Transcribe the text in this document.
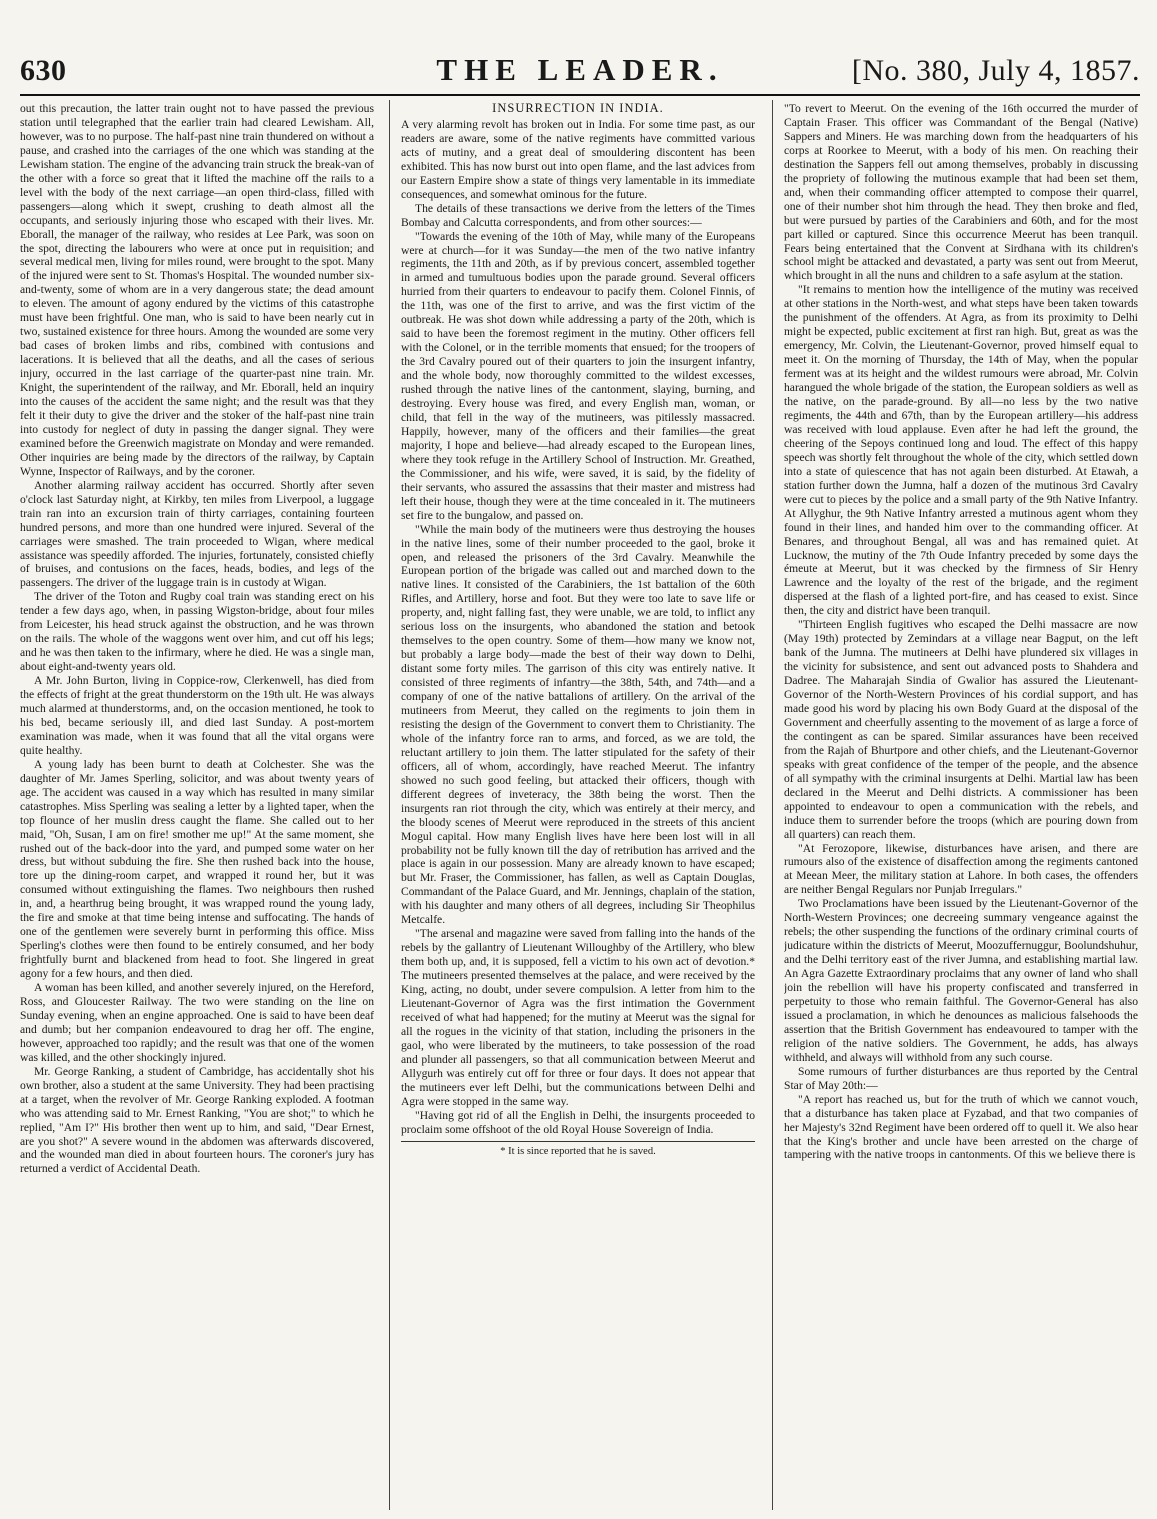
630	THE LEADER.	[No. 380, July 4, 1857.

out this precaution, the latter train ought not to have passed the previous station until telegraphed that the earlier train had cleared Lewisham. All, however, was to no purpose. The half-past nine train thundered on without a pause, and crashed into the carriages of the one which was standing at the Lewisham station. The engine of the advancing train struck the break-van of the other with a force so great that it lifted the machine off the rails to a level with the body of the next carriage—an open third-class, filled with passengers—along which it swept, crushing to death almost all the occupants, and seriously injuring those who escaped with their lives. Mr. Eborall, the manager of the railway, who resides at Lee Park, was soon on the spot, directing the labourers who were at once put in requisition; and several medical men, living for miles round, were brought to the spot. Many of the injured were sent to St. Thomas's Hospital. The wounded number six-and-twenty, some of whom are in a very dangerous state; the dead amount to eleven. The amount of agony endured by the victims of this catastrophe must have been frightful. One man, who is said to have been nearly cut in two, sustained existence for three hours. Among the wounded are some very bad cases of broken limbs and ribs, combined with contusions and lacerations. It is believed that all the deaths, and all the cases of serious injury, occurred in the last carriage of the quarter-past nine train. Mr. Knight, the superintendent of the railway, and Mr. Eborall, held an inquiry into the causes of the accident the same night; and the result was that they felt it their duty to give the driver and the stoker of the half-past nine train into custody for neglect of duty in passing the danger signal. They were examined before the Greenwich magistrate on Monday and were remanded. Other inquiries are being made by the directors of the railway, by Captain Wynne, Inspector of Railways, and by the coroner.

Another alarming railway accident has occurred. Shortly after seven o'clock last Saturday night, at Kirkby, ten miles from Liverpool, a luggage train ran into an excursion train of thirty carriages, containing fourteen hundred persons, and more than one hundred were injured. Several of the carriages were smashed. The train proceeded to Wigan, where medical assistance was speedily afforded. The injuries, fortunately, consisted chiefly of bruises, and contusions on the faces, heads, bodies, and legs of the passengers. The driver of the luggage train is in custody at Wigan.

The driver of the Toton and Rugby coal train was standing erect on his tender a few days ago, when, in passing Wigston-bridge, about four miles from Leicester, his head struck against the obstruction, and he was thrown on the rails. The whole of the waggons went over him, and cut off his legs; and he was then taken to the infirmary, where he died. He was a single man, about eight-and-twenty years old.

A Mr. John Burton, living in Coppice-row, Clerkenwell, has died from the effects of fright at the great thunderstorm on the 19th ult. He was always much alarmed at thunderstorms, and, on the occasion mentioned, he took to his bed, became seriously ill, and died last Sunday. A post-mortem examination was made, when it was found that all the vital organs were quite healthy.

A young lady has been burnt to death at Colchester. She was the daughter of Mr. James Sperling, solicitor, and was about twenty years of age. The accident was caused in a way which has resulted in many similar catastrophes. Miss Sperling was sealing a letter by a lighted taper, when the top flounce of her muslin dress caught the flame. She called out to her maid, "Oh, Susan, I am on fire! smother me up!" At the same moment, she rushed out of the back-door into the yard, and pumped some water on her dress, but without subduing the fire. She then rushed back into the house, tore up the dining-room carpet, and wrapped it round her, but it was consumed without extinguishing the flames. Two neighbours then rushed in, and, a hearthrug being brought, it was wrapped round the young lady, the fire and smoke at that time being intense and suffocating. The hands of one of the gentlemen were severely burnt in performing this office. Miss Sperling's clothes were then found to be entirely consumed, and her body frightfully burnt and blackened from head to foot. She lingered in great agony for a few hours, and then died.

A woman has been killed, and another severely injured, on the Hereford, Ross, and Gloucester Railway. The two were standing on the line on Sunday evening, when an engine approached. One is said to have been deaf and dumb; but her companion endeavoured to drag her off. The engine, however, approached too rapidly; and the result was that one of the women was killed, and the other shockingly injured.

Mr. George Ranking, a student of Cambridge, has accidentally shot his own brother, also a student at the same University. They had been practising at a target, when the revolver of Mr. George Ranking exploded. A footman who was attending said to Mr. Ernest Ranking, "You are shot;" to which he replied, "Am I?" His brother then went up to him, and said, "Dear Ernest, are you shot?" A severe wound in the abdomen was afterwards discovered, and the wounded man died in about fourteen hours. The coroner's jury has returned a verdict of Accidental Death.

INSURRECTION IN INDIA.

A very alarming revolt has broken out in India. For some time past, as our readers are aware, some of the native regiments have committed various acts of mutiny, and a great deal of smouldering discontent has been exhibited. This has now burst out into open flame, and the last advices from our Eastern Empire show a state of things very lamentable in its immediate consequences, and somewhat ominous for the future.

The details of these transactions we derive from the letters of the Times Bombay and Calcutta correspondents, and from other sources:—

"Towards the evening of the 10th of May, while many of the Europeans were at church—for it was Sunday—the men of the two native infantry regiments, the 11th and 20th, as if by previous concert, assembled together in armed and tumultuous bodies upon the parade ground. Several officers hurried from their quarters to endeavour to pacify them. Colonel Finnis, of the 11th, was one of the first to arrive, and was the first victim of the outbreak. He was shot down while addressing a party of the 20th, which is said to have been the foremost regiment in the mutiny. Other officers fell with the Colonel, or in the terrible moments that ensued; for the troopers of the 3rd Cavalry poured out of their quarters to join the insurgent infantry, and the whole body, now thoroughly committed to the wildest excesses, rushed through the native lines of the cantonment, slaying, burning, and destroying. Every house was fired, and every English man, woman, or child, that fell in the way of the mutineers, was pitilessly massacred. Happily, however, many of the officers and their families—the great majority, I hope and believe—had already escaped to the European lines, where they took refuge in the Artillery School of Instruction. Mr. Greathed, the Commissioner, and his wife, were saved, it is said, by the fidelity of their servants, who assured the assassins that their master and mistress had left their house, though they were at the time concealed in it. The mutineers set fire to the bungalow, and passed on.

"While the main body of the mutineers were thus destroying the houses in the native lines, some of their number proceeded to the gaol, broke it open, and released the prisoners of the 3rd Cavalry. Meanwhile the European portion of the brigade was called out and marched down to the native lines. It consisted of the Carabiniers, the 1st battalion of the 60th Rifles, and Artillery, horse and foot. But they were too late to save life or property, and, night falling fast, they were unable, we are told, to inflict any serious loss on the insurgents, who abandoned the station and betook themselves to the open country. Some of them—how many we know not, but probably a large body—made the best of their way down to Delhi, distant some forty miles. The garrison of this city was entirely native. It consisted of three regiments of infantry—the 38th, 54th, and 74th—and a company of one of the native battalions of artillery. On the arrival of the mutineers from Meerut, they called on the regiments to join them in resisting the design of the Government to convert them to Christianity. The whole of the infantry force ran to arms, and forced, as we are told, the reluctant artillery to join them. The latter stipulated for the safety of their officers, all of whom, accordingly, have reached Meerut. The infantry showed no such good feeling, but attacked their officers, though with different degrees of inveteracy, the 38th being the worst. Then the insurgents ran riot through the city, which was entirely at their mercy, and the bloody scenes of Meerut were reproduced in the streets of this ancient Mogul capital. How many English lives have here been lost will in all probability not be fully known till the day of retribution has arrived and the place is again in our possession. Many are already known to have escaped; but Mr. Fraser, the Commissioner, has fallen, as well as Captain Douglas, Commandant of the Palace Guard, and Mr. Jennings, chaplain of the station, with his daughter and many others of all degrees, including Sir Theophilus Metcalfe.

"The arsenal and magazine were saved from falling into the hands of the rebels by the gallantry of Lieutenant Willoughby of the Artillery, who blew them both up, and, it is supposed, fell a victim to his own act of devotion.* The mutineers presented themselves at the palace, and were received by the King, acting, no doubt, under severe compulsion. A letter from him to the Lieutenant-Governor of Agra was the first intimation the Government received of what had happened; for the mutiny at Meerut was the signal for all the rogues in the vicinity of that station, including the prisoners in the gaol, who were liberated by the mutineers, to take possession of the road and plunder all passengers, so that all communication between Meerut and Allygurh was entirely cut off for three or four days. It does not appear that the mutineers ever left Delhi, but the communications between Delhi and Agra were stopped in the same way.

"Having got rid of all the English in Delhi, the insurgents proceeded to proclaim some offshoot of the old Royal House Sovereign of India.

* It is since reported that he is saved.

"To revert to Meerut. On the evening of the 16th occurred the murder of Captain Fraser. This officer was Commandant of the Bengal (Native) Sappers and Miners. He was marching down from the headquarters of his corps at Roorkee to Meerut, with a body of his men. On reaching their destination the Sappers fell out among themselves, probably in discussing the propriety of following the mutinous example that had been set them, and, when their commanding officer attempted to compose their quarrel, one of their number shot him through the head. They then broke and fled, but were pursued by parties of the Carabiniers and 60th, and for the most part killed or captured. Since this occurrence Meerut has been tranquil. Fears being entertained that the Convent at Sirdhana with its children's school might be attacked and devastated, a party was sent out from Meerut, which brought in all the nuns and children to a safe asylum at the station.

"It remains to mention how the intelligence of the mutiny was received at other stations in the North-west, and what steps have been taken towards the punishment of the offenders. At Agra, as from its proximity to Delhi might be expected, public excitement at first ran high. But, great as was the emergency, Mr. Colvin, the Lieutenant-Governor, proved himself equal to meet it. On the morning of Thursday, the 14th of May, when the popular ferment was at its height and the wildest rumours were abroad, Mr. Colvin harangued the whole brigade of the station, the European soldiers as well as the native, on the parade-ground. By all—no less by the two native regiments, the 44th and 67th, than by the European artillery—his address was received with loud applause. Even after he had left the ground, the cheering of the Sepoys continued long and loud. The effect of this happy speech was shortly felt throughout the whole of the city, which settled down into a state of quiescence that has not again been disturbed. At Etawah, a station further down the Jumna, half a dozen of the mutinous 3rd Cavalry were cut to pieces by the police and a small party of the 9th Native Infantry. At Allyghur, the 9th Native Infantry arrested a mutinous agent whom they found in their lines, and handed him over to the commanding officer. At Benares, and throughout Bengal, all was and has remained quiet. At Lucknow, the mutiny of the 7th Oude Infantry preceded by some days the émeute at Meerut, but it was checked by the firmness of Sir Henry Lawrence and the loyalty of the rest of the brigade, and the regiment dispersed at the flash of a lighted port-fire, and has ceased to exist. Since then, the city and district have been tranquil.

"Thirteen English fugitives who escaped the Delhi massacre are now (May 19th) protected by Zemindars at a village near Bagput, on the left bank of the Jumna. The mutineers at Delhi have plundered six villages in the vicinity for subsistence, and sent out advanced posts to Shahdera and Dadree. The Maharajah Sindia of Gwalior has assured the Lieutenant-Governor of the North-Western Provinces of his cordial support, and has made good his word by placing his own Body Guard at the disposal of the Government and cheerfully assenting to the movement of as large a force of the contingent as can be spared. Similar assurances have been received from the Rajah of Bhurtpore and other chiefs, and the Lieutenant-Governor speaks with great confidence of the temper of the people, and the absence of all sympathy with the criminal insurgents at Delhi. Martial law has been declared in the Meerut and Delhi districts. A commissioner has been appointed to endeavour to open a communication with the rebels, and induce them to surrender before the troops (which are pouring down from all quarters) can reach them.

"At Ferozopore, likewise, disturbances have arisen, and there are rumours also of the existence of disaffection among the regiments cantoned at Meean Meer, the military station at Lahore. In both cases, the offenders are neither Bengal Regulars nor Punjab Irregulars."

Two Proclamations have been issued by the Lieutenant-Governor of the North-Western Provinces; one decreeing summary vengeance against the rebels; the other suspending the functions of the ordinary criminal courts of judicature within the districts of Meerut, Moozuffernuggur, Boolundshuhur, and the Delhi territory east of the river Jumna, and establishing martial law. An Agra Gazette Extraordinary proclaims that any owner of land who shall join the rebellion will have his property confiscated and transferred in perpetuity to those who remain faithful. The Governor-General has also issued a proclamation, in which he denounces as malicious falsehoods the assertion that the British Government has endeavoured to tamper with the religion of the native soldiers. The Government, he adds, has always withheld, and always will withhold from any such course.

Some rumours of further disturbances are thus reported by the Central Star of May 20th:—

"A report has reached us, but for the truth of which we cannot vouch, that a disturbance has taken place at Fyzabad, and that two companies of her Majesty's 32nd Regiment have been ordered off to quell it. We also hear that the King's brother and uncle have been arrested on the charge of tampering with the native troops in cantonments. Of this we believe there is
